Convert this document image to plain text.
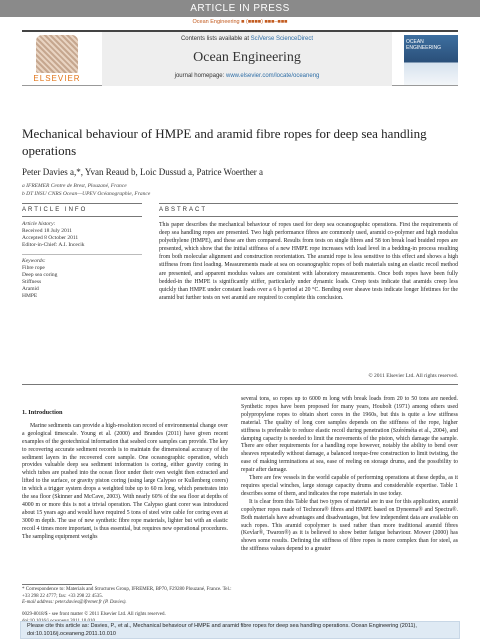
ARTICLE IN PRESS
Ocean Engineering ■ (■■■■) ■■■–■■■
ELSEVIER
Contents lists available at SciVerse ScienceDirect
Ocean Engineering
journal homepage: www.elsevier.com/locate/oceaneng
OCEAN ENGINEERING
Mechanical behaviour of HMPE and aramid fibre ropes for deep sea handling operations
Peter Davies a,*, Yvan Reaud b, Loic Dussud a, Patrice Woerther a
a IFREMER Centre de Brest, Plouzané, France
b DT INSU CNRS Ocean—UPEV Océanographie, France
ARTICLE INFO	ABSTRACT
Article history:
Received 18 July 2011
Accepted 8 October 2011
Editor-in-Chief: A.I. Incecik
Keywords:
Fibre rope
Deep sea coring
Stiffness
Aramid
HMPE
This paper describes the mechanical behaviour of ropes used for deep sea oceanographic operations. First the requirements of deep sea handling ropes are presented. Two high performance fibres are commonly used, aramid co-polymer and high modulus polyethylene (HMPE), and these are then compared. Results from tests on single fibres and 58 ton break load braided ropes are presented, which show that the initial stiffness of a new HMPE rope increases with load level in a bedding-in process resulting from both molecular alignment and construction reorientation. The aramid rope is less sensitive to this effect and shows a high stiffness from first loading. Measurements made at sea on oceanographic ropes of both materials using an elastic recoil method are presented, and apparent modulus values are consistent with laboratory measurements. Once both ropes have been fully bedded-in the HMPE is significantly stiffer, particularly under dynamic loads. Creep tests indicate that aramids creep less quickly than HMPE under constant loads over a 6 h period at 20 °C. Bending over sheave tests indicate longer lifetimes for the aramid but further tests on wet aramid are required to complete this conclusion.
© 2011 Elsevier Ltd. All rights reserved.
1. Introduction

Marine sediments can provide a high-resolution record of environmental change over a geological timescale. Young et al. (2000) and Brandes (2011) have given recent examples of the geotechnical information that seabed core samples can provide. The key to recovering accurate sediment records is to maintain the dimensional accuracy of the sediment layers in the recovered core sample. One oceanographic operation, which provides valuable deep sea sediment information is coring, either gravity coring in which tubes are pushed into the ocean floor under their own weight then extracted and lifted to the surface, or gravity piston coring (using large Calypso or Kullenberg corers) in which a trigger system drops a weighted tube up to 60 m long, which penetrates into the sea floor (Skinner and McCave, 2003). With nearly 60% of the sea floor at depths of 4000 m or more this is not a trivial operation. The Calypso giant corer was introduced about 15 years ago and would have required 5 tons of steel wire cable for coring even at 3000 m depth. The use of new synthetic fibre rope materials, lighter but with an elastic recoil 4 times more important, is thus essential, but requires new operational procedures. The sampling equipment weighs

several tons, so ropes up to 6000 m long with break loads from 20 to 50 tons are needed. Synthetic ropes have been proposed for many years, Houbolt (1971) among others used polypropylene ropes to obtain short cores in the 1960s, but this is quite a low stiffness material. The quality of long core samples depends on the stiffness of the rope, higher stiffness is preferable to reduce elastic recoil during penetration (Széréméta et al., 2004), and damping capacity is needed to limit the movements of the piston, which damage the sample. There are other requirements for a handling rope however, notably the ability to bend over sheaves repeatedly without damage, a balanced torque-free construction to limit twisting, the ease of making terminations at sea, ease of reeling on storage drums, and the possibility to repair after damage.

There are few vessels in the world capable of performing operations at these depths, as it requires special winches, large storage capacity drums and considerable expertise. Table 1 describes some of them, and indicates the rope materials in use today.

It is clear from this Table that two types of material are in use for this application, aramid copolymer ropes made of Technora® fibres and HMPE based on Dyneema® and Spectra®. Both materials have advantages and disadvantages, but few independent data are available on such ropes. This aramid copolymer is used rather than more traditional aramid fibres (Kevlar®, Twaron®) as it is believed to show better fatigue behaviour. Mower (2000) has shown some results. Defining the stiffness of fibre ropes is more complex than for steel, as the stiffness values depend to a greater

* Correspondence to: Materials and Structures Group, IFREMER, BP70, F29280 Plouzané, France. Tel.: +33 298 22 4777; fax: +33 298 22 4535.
E-mail address: peter.davies@ifremer.fr (P. Davies).
0029-8018/$ - see front matter © 2011 Elsevier Ltd. All rights reserved.
Please cite this article as: Davies, P., et al., Mechanical behaviour of HMPE and aramid fibre ropes for deep sea handling operations. Ocean Engineering (2011), doi:10.1016/j.oceaneng.2011.10.010
